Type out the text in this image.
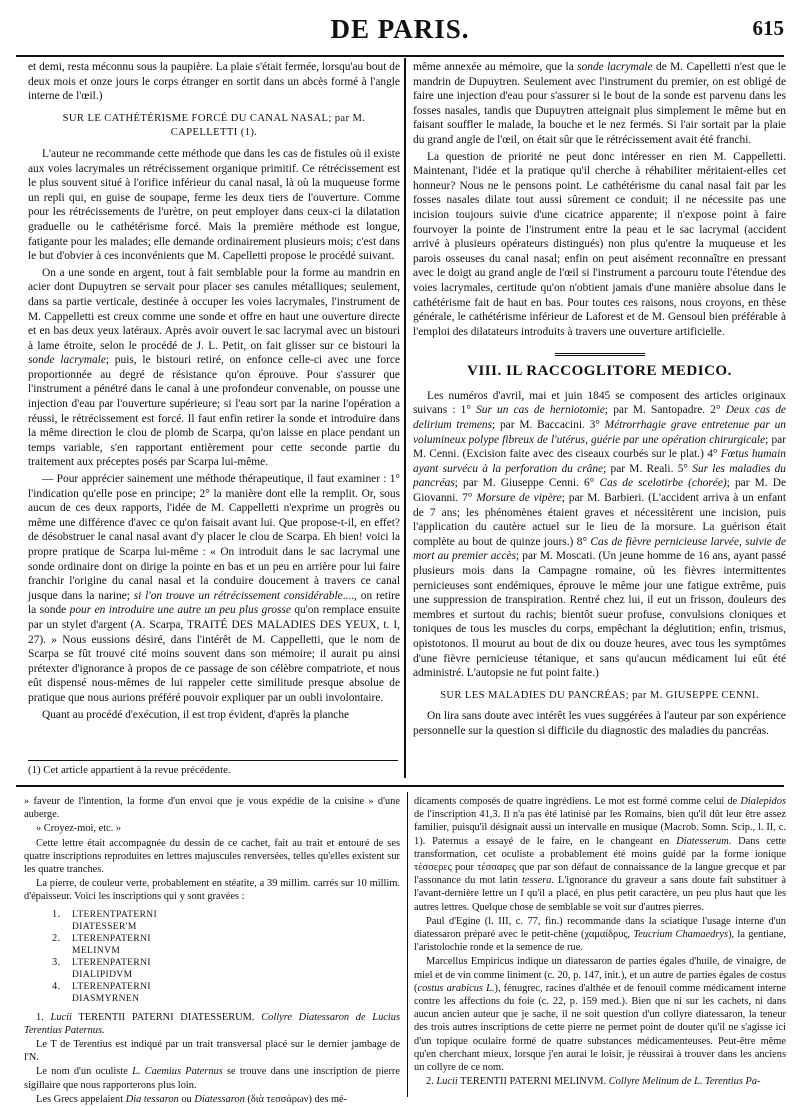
DE PARIS.	615

et demi, resta méconnu sous la paupière. La plaie s'était fermée, lorsqu'au bout de deux mois et onze jours le corps étranger en sortit dans un abcès formé à l'angle interne de l'œil.)

SUR LE CATHÉTÉRISME FORCÉ DU CANAL NASAL; par M. CAPELLETTI (1).

L'auteur ne recommande cette méthode que dans les cas de fistules où il existe aux voies lacrymales un rétrécissement organique primitif. Ce rétrécissement est le plus souvent situé à l'orifice inférieur du canal nasal, là où la muqueuse forme un repli qui, en guise de soupape, ferme les deux tiers de l'ouverture. Comme pour les rétrécissements de l'urètre, on peut employer dans ceux-ci la dilatation graduelle ou le cathétérisme forcé. Mais la première méthode est longue, fatigante pour les malades; elle demande ordinairement plusieurs mois; c'est dans le but d'obvier à ces inconvénients que M. Capelletti propose le procédé suivant.

On a une sonde en argent, tout à fait semblable pour la forme au mandrin en acier dont Dupuytren se servait pour placer ses canules métalliques; seulement, dans sa partie verticale, destinée à occuper les voies lacrymales, l'instrument de M. Cappelletti est creux comme une sonde et offre en haut une ouverture directe et en bas deux yeux latéraux. Après avoir ouvert le sac lacrymal avec un bistouri à lame étroite, selon le procédé de J. L. Petit, on fait glisser sur ce bistouri la sonde lacrymale; puis, le bistouri retiré, on enfonce celle-ci avec une force proportionnée au degré de résistance qu'on éprouve. Pour s'assurer que l'instrument a pénétré dans le canal à une profondeur convenable, on pousse une injection d'eau par l'ouverture supérieure; si l'eau sort par la narine l'opération a réussi, le rétrécissement est forcé. Il faut enfin retirer la sonde et introduire dans la même direction le clou de plomb de Scarpa, qu'on laisse en place pendant un temps variable, s'en rapportant entièrement pour cette seconde partie du traitement aux préceptes posés par Scarpa lui-même.

— Pour apprécier sainement une méthode thérapeutique, il faut examiner : 1° l'indication qu'elle pose en principe; 2° la manière dont elle la remplit. Or, sous aucun de ces deux rapports, l'idée de M. Cappelletti n'exprime un progrès ou même une différence d'avec ce qu'on faisait avant lui. Que propose-t-il, en effet? de désobstruer le canal nasal avant d'y placer le clou de Scarpa. Eh bien! voici la propre pratique de Scarpa lui-même : « On introduit dans le sac lacrymal une sonde ordinaire dont on dirige la pointe en bas et un peu en arrière pour lui faire franchir l'origine du canal nasal et la conduire doucement à travers ce canal jusque dans la narine; si l'on trouve un rétrécissement considérable...., on retire la sonde pour en introduire une autre un peu plus grosse qu'on remplace ensuite par un stylet d'argent (A. Scarpa, TRAITÉ DES MALADIES DES YEUX, t. I, 27). » Nous eussions désiré, dans l'intérêt de M. Cappelletti, que le nom de Scarpa se fût trouvé cité moins souvent dans son mémoire; il aurait pu ainsi prétexter d'ignorance à propos de ce passage de son célèbre compatriote, et nous eût dispensé nous-mêmes de lui rappeler cette similitude presque absolue de pratique que nous aurions préféré pouvoir expliquer par un oubli involontaire.

Quant au procédé d'exécution, il est trop évident, d'après la planche

même annexée au mémoire, que la sonde lacrymale de M. Capelletti n'est que le mandrin de Dupuytren. Seulement avec l'instrument du premier, on est obligé de faire une injection d'eau pour s'assurer si le bout de la sonde est parvenu dans les fosses nasales, tandis que Dupuytren atteignait plus simplement le même but en faisant souffler le malade, la bouche et le nez fermés. Si l'air sortait par la plaie du grand angle de l'œil, on était sûr que le rétrécissement avait été franchi.

La question de priorité ne peut donc intéresser en rien M. Cappelletti. Maintenant, l'idée et la pratique qu'il cherche à réhabiliter méritaient-elles cet honneur? Nous ne le pensons point. Le cathétérisme du canal nasal fait par les fosses nasales dilate tout aussi sûrement ce conduit; il ne nécessite pas une incision toujours suivie d'une cicatrice apparente; il n'expose point à faire fourvoyer la pointe de l'instrument entre la peau et le sac lacrymal (accident arrivé à plusieurs opérateurs distingués) non plus qu'entre la muqueuse et les parois osseuses du canal nasal; enfin on peut aisément reconnaître en pressant avec le doigt au grand angle de l'œil si l'instrument a parcouru toute l'étendue des voies lacrymales, certitude qu'on n'obtient jamais d'une manière absolue dans le cathétérisme fait de haut en bas. Pour toutes ces raisons, nous croyons, en thèse générale, le cathétérisme inférieur de Laforest et de M. Gensoul bien préférable à l'emploi des dilatateurs introduits à travers une ouverture artificielle.

VIII. IL RACCOGLITORE MEDICO.

Les numéros d'avril, mai et juin 1845 se composent des articles originaux suivans : 1° Sur un cas de herniotomie; par M. Santopadre. 2° Deux cas de delirium tremens; par M. Baccacini. 3° Métrorrhagie grave entretenue par un volumineux polype fibreux de l'utérus, guérie par une opération chirurgicale; par M. Cenni. (Excision faite avec des ciseaux courbés sur le plat.) 4° Fœtus humain ayant survécu à la perforation du crâne; par M. Reali. 5° Sur les maladies du pancréas; par M. Giuseppe Cenni. 6° Cas de scelotirbe (chorée); par M. De Giovanni. 7° Morsure de vipère; par M. Barbieri. (L'accident arriva à un enfant de 7 ans; les phénomènes étaient graves et nécessitèrent une incision, puis l'application du cautère actuel sur le lieu de la morsure. La guérison était complète au bout de quinze jours.) 8° Cas de fièvre pernicieuse larvée, suivie de mort au premier accès; par M. Moscati. (Un jeune homme de 16 ans, ayant passé plusieurs mois dans la Campagne romaine, où les fièvres intermittentes pernicieuses sont endémiques, éprouve le même jour une fatigue extrême, puis une suppression de transpiration. Rentré chez lui, il eut un frisson, douleurs des membres et surtout du rachis; bientôt sueur profuse, convulsions cloniques et toniques de tous les muscles du corps, empêchant la déglutition; enfin, trismus, opistotonos. Il mourut au bout de dix ou douze heures, avec tous les symptômes d'une fièvre pernicieuse tétanique, et sans qu'aucun médicament lui eût été administré. L'autopsie ne fut point faite.)

SUR LES MALADIES DU PANCRÉAS; par M. GIUSEPPE CENNI.

On lira sans doute avec intérêt les vues suggérées à l'auteur par son expérience personnelle sur la question si difficile du diagnostic des maladies du pancréas.

(1) Cet article appartient à la revue précédente.

» faveur de l'intention, la forme d'un envoi que je vous expédie de la cuisine » d'une auberge.

» Croyez-moi, etc. »

Cette lettre était accompagnée du dessin de ce cachet, fait au trait et entouré de ses quatre inscriptions reproduites en lettres majuscules renversées, telles qu'elles existent sur les quatre tranches.

La pierre, de couleur verte, probablement en stéatite, a 39 millim. carrés sur 10 millim. d'épaisseur. Voici les inscriptions qui y sont gravées :

1. LTERENTPATERNI
DIATESSER'M
2. LTERENPATERNI
MELINVM
3. LTERENPATERNI
DIALIPIDVM
4. LTERENPATERNI
DIASMYRNEN

1. Lucii TERENTII PATERNI DIATESSERUM. Collyre Diatessaron de Lucius Terentius Paternus.

Le T de Terentius est indiqué par un trait transversal placé sur le dernier jambage de l'N.

Le nom d'un oculiste L. Caemius Paternus se trouve dans une inscription de pierre sigillaire que nous rapporterons plus loin.

Les Grecs appelaient Dia tessaron ou Diatessaron (διὰ τεσσάρων) des mé-

dicaments composés de quatre ingrédiens. Le mot est formé comme celui de Dialepidos de l'inscription 41,3. Il n'a pas été latinisé par les Romains, bien qu'il dût leur être assez familier, puisqu'il désignait aussi un intervalle en musique (Macrob. Somn. Scip., l. II, c. 1). Paternus a essayé de le faire, en le changeant en Diatesserum. Dans cette transformation, cet oculiste a probablement été moins guidé par la forme ionique τέσσερες pour τέσσαρες que par son défaut de connaissance de la langue grecque et par l'assonance du mot latin tessera. L'ignorance du graveur a sans doute fait substituer à l'avant-dernière lettre un I qu'il a placé, en plus petit caractère, un peu plus haut que les autres lettres. Quelque chose de semblable se voit sur d'autres pierres.

Paul d'Egine (l. III, c. 77, fin.) recommande dans la sciatique l'usage interne d'un diatessaron préparé avec le petit-chêne (χαμαίδρυς, Teucrium Chamaedrys), la gentiane, l'aristolochie ronde et la semence de rue.

Marcellus Empiricus indique un diatessaron de parties égales d'huile, de vinaigre, de miel et de vin comme liniment (c. 20, p. 147, init.), et un autre de parties égales de costus (costus arabicus L.), fénugrec, racines d'althée et de fenouil comme médicament interne contre les affections du foie (c. 22, p. 159 med.). Bien que ni sur les cachets, ni dans aucun ancien auteur que je sache, il ne soit question d'un collyre diatessaron, la teneur des trois autres inscriptions de cette pierre ne permet point de douter qu'il ne s'agisse ici d'un topique oculaire formé de quatre substances médicamenteuses. Peut-être même qu'en cherchant mieux, lorsque j'en aurai le loisir, je réussirai à trouver dans les anciens un collyre de ce nom.

2. Lucii TERENTII PATERNI MELINVM. Collyre Melinum de L. Terentius Pa-
